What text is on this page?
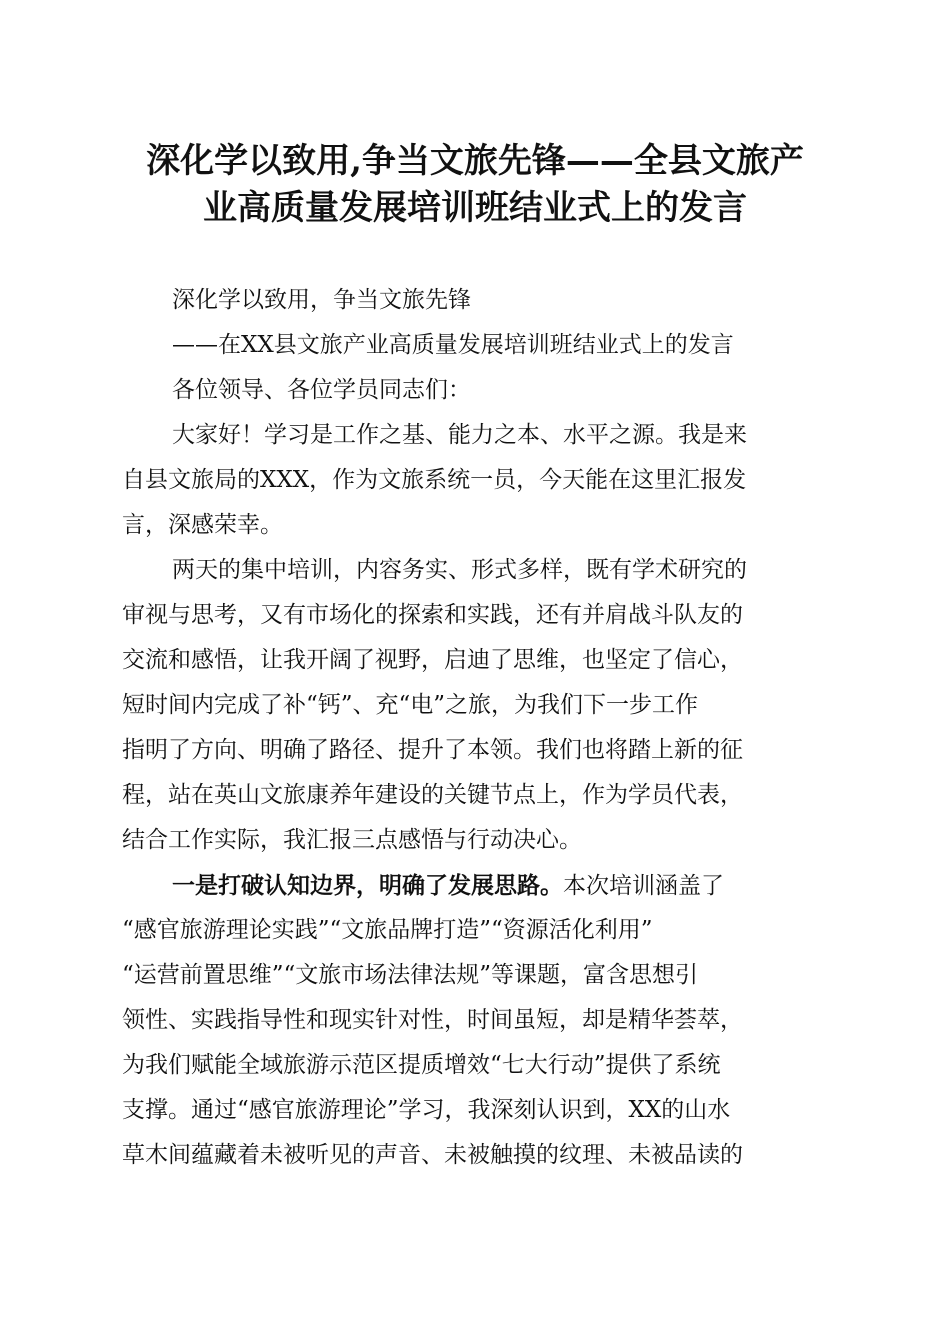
深化学以致用,争当文旅先锋——全县文旅产
业高质量发展培训班结业式上的发言
深化学以致用，争当文旅先锋
——在XX县文旅产业高质量发展培训班结业式上的发言
各位领导、各位学员同志们：
大家好！学习是工作之基、能力之本、水平之源。我是来
自县文旅局的XXX，作为文旅系统一员，今天能在这里汇报发
言，深感荣幸。
两天的集中培训，内容务实、形式多样，既有学术研究的
审视与思考，又有市场化的探索和实践，还有并肩战斗队友的
交流和感悟，让我开阔了视野，启迪了思维，也坚定了信心，
短时间内完成了补“钙”、充“电”之旅，为我们下一步工作
指明了方向、明确了路径、提升了本领。我们也将踏上新的征
程，站在英山文旅康养年建设的关键节点上，作为学员代表，
结合工作实际，我汇报三点感悟与行动决心。
一是打破认知边界，明确了发展思路。本次培训涵盖了
“感官旅游理论实践”“文旅品牌打造”“资源活化利用”
“运营前置思维”“文旅市场法律法规”等课题，富含思想引
领性、实践指导性和现实针对性，时间虽短，却是精华荟萃，
为我们赋能全域旅游示范区提质增效“七大行动”提供了系统
支撑。通过“感官旅游理论”学习，我深刻认识到，XX的山水
草木间蕴藏着未被听见的声音、未被触摸的纹理、未被品读的
